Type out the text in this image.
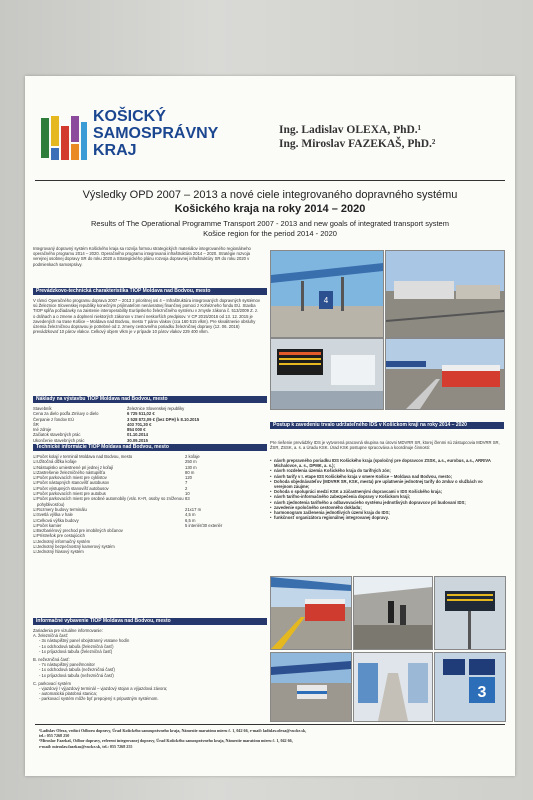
KOŠICKÝ
SAMOSPRÁVNY
KRAJ
Ing. Ladislav OLEXA, PhD.¹
Ing. Miroslav FAZEKAŠ, PhD.²
Výsledky OPD 2007 – 2013 a nové ciele integrovaného dopravného systému
Košického kraja na roky 2014 – 2020
Results of The Operational Programme Transport 2007 - 2013 and new goals of integrated transport system
Košice region for the period 2014 - 2020
Integrovaný dopravný systém Košického kraja sa rozvíja formou strategických materiálov integrovaného regionálneho operačného programu 2014 – 2020. Operačného programu integrovaná infraštruktúra 2014 – 2020. Stratégie rozvoja verejnej osobnej dopravy SR do roku 2020 a Strategického plánu rozvoja dopravnej infraštruktúry SR do roku 2020 v podmienkach samosprávy.
Prevádzkovo-technická charakteristika TIOP Moldava nad Bodvou, mesto
V rámci Operačného programu doprava 2007 – 2013 z prioritnej osi 4 – Infraštruktúra integrovaných dopravných systémov sú Železnice Slovenskej republiky konečným prijímateľom nenávratnej finančnej pomoci z Kohézneho fondu EÚ. Stavba TIOP spĺňa požiadavky na zaistenie interoperability Európskeho železničného systému v zmysle zákona č. 513/2009 Z. z. o dráhach a o zmene a doplnení niektorých zákonov v znení neskorších predpisov. V CP 2015/2016 od 13. 12. 2015 je zavedených na trase Košice – Moldava nad Bodvou, mesto 7 párov vlakov (cca 160 515 vlkm). Pre skvalitnenie obsluhy územia železničnou dopravou je potrebné od 2. zmeny cestovného poriadku železničnej dopravy (12. 06. 2016) prevádzkovať 10 párov vlakov. Celkový objem vlkm je v prípade 10 párov vlakov 229 400 vlkm.
Náklady na výstavbu TIOP Moldava nad Bodvou, mesto
Stavebník	Železnice Slovenskej republiky
Cena za dielo podľa Zmluvy o dielo	6 725 511,02 €
Čerpanie z fondov EÚ	3 528 872,09 € (bez DPH) k 8.10.2015
ŠR	403 701,30 €
Iné zdroje	854 000 €
Začiatok stavebných prác	01.10.2014
Ukončenie stavebných prác	30.09.2015
Technické informácie TIOP Moldava nad Bodvou, mesto
☑ Počet kolají v terminál Moldava nad Bodvou, mesto	2 koľaje
☑ Užitočná dĺžka koľaje	250 m
☑ Nástupisko umiestnené pri jednej z koľají	130 m
☑ Zastrešenie železničného nástupišťa	80 m
☑ Počet parkovacích miest pre cyklistov	120
☑ Počet nástupných stanovíšť autobusov	7
☑ Počet výstupných stanovíšť autobusov	2
☑ Počet parkovacích miest pre autobus	10
☑ Počet parkovacích miest pre osobné automobily (vrát. K+R, osoby so zníženou pohyblivosťou)
83
☑ Rozmery budovy terminálu	21x17 m
☑ Svetlá výška v hale	4,5 m
☑ Celková výška budovy	6,5 m
☑ Počet kamier	5 interiér/30 exteriér
☑ Bezbariérový prechod pre imobilných občanov
☑ Prístrešok pre cestujúcich
☑ Jednotný informačný systém
☑ Jednotný bezpečnostný kamerový systém
☑ Jednotný hlasový systém
Informačné vybavenie TIOP Moldava nad Bodvou, mesto
Zariadenia pre vizuálne informovanie:
A. železničná časť:
- 3x nástupištný panel obojstranný vratane hodín
- 1x odchodová tabuľa (železničná časť)
- 1x príjazdová tabuľa (železničná časť)
B. nežezničná časť:
- 7x nástupištný panel/monitor
- 1x odchodová tabuľa (nežezničná časť)
- 1x príjazdová tabuľa (nežezničná časť)
C. parkovací systém
- vjazdový / výjazdový terminál – vjazdový stojan a výjazdová závora;
- automatická platobná stanica;
- parkovací systém môže byť prepojený s pripustným systémom.
4
Postup k zavedeniu trvalo udržateľného IDS v Košickom kraji na roky 2014 – 2020
Pre riešenie prevádzky IDS je vytvorená pracovná skupina na úrovni MDVRR SR, ktorej členmi sú zástupcovia MDVRR SR, ŽSR, ZSSK, a. s. a Úradu KSK. Úrad KSK postupne spracováva a koordinuje činnosti:
• návrh prepravného poriadku IDS Košického kraja (spoločný pre dopravcov ZSSK, a.s., eurobus, a.s., ARRIVA Michalovce, a. s., DPMK, a. s.);
• návrh rozdelenia územia Košického kraja do tarifných zón;
• návrh tarify v I. etape IDS Košického kraja v smere Košice – Moldava nad Bodvou, mesto;
• Dohoda objednávateľov (MDVRR SR, KSK, mesta) pre uplatnenie jednotnej tarify do zmluv o službách vo verejnom záujme;
• Dohoda o spolupráci medzi KSK a zúčastnenými dopravcami v IDS Košického kraja;
• návrh tarifno-informačného zabezpečenia dopravy v Košickom kraji;
• návrh zjednotenia tarifného a odbavovacieho systému jednotlivých dopravcov pri budovaní IDS;
• zavedenie spoločného cestovného dokladu;
• harmonogram začlenenia jednotlivých území kraja do IDS;
• funkčnosť organizátora regionálnej integrovanej dopravy.
3
¹Ladislav Olexa, vedúci Odboru dopravy, Úrad Košického samosprávneho kraja, Námestie maratónu mieru č. 1, 042 66, e-mail: ladislav.olexa@vucke.sk,
tel.: 055 7268 250
²Miroslav Fazekaš, Odbor dopravy, referent integrovanej dopravy, Úrad Košického samosprávneho kraja, Námestie maratónu mieru č. 1, 042 66,
e-mail: miroslav.fazekas@vucke.sk, tel.: 055 7268 255
